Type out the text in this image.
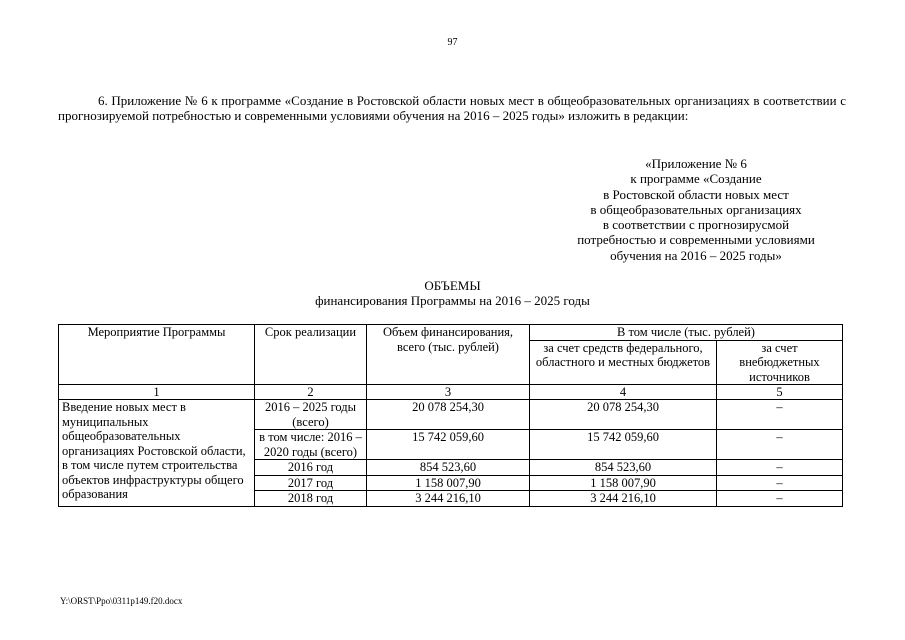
97

6. Приложение № 6 к программе «Создание в Ростовской области новых мест в общеобразовательных организациях в соответствии с прогнозируемой потребностью и современными условиями обучения на 2016 – 2025 годы» изложить в редакции:

«Приложение № 6
к программе «Создание
в Ростовской области новых мест
в общеобразовательных организациях
в соответствии с прогнозирусмой
потребностью и современными условиями
обучения на 2016 – 2025 годы»
ОБЪЕМЫ
финансирования Программы на 2016 – 2025 годы
Мероприятие Программы	Срок реализации	Объем финансирования, всего (тыс. рублей)	В том числе (тыс. рублей)	
			за счет средств федерального, областного и местных бюджетов	за счет внебюджетных источников
1	2	3	4	5
Введение новых мест в муниципальных общеобразовательных организациях Ростовской области, в том числе путем строительства объектов инфраструктуры общего образования	2016 – 2025 годы (всего)	20 078 254,30	20 078 254,30	–
	в том числе: 2016 – 2020 годы (всего)	15 742 059,60	15 742 059,60	–
	2016 год	854 523,60	854 523,60	–
	2017 год	1 158 007,90	1 158 007,90	–
	2018 год	3 244 216,10	3 244 216,10	–
Y:\ORST\Ppo\0311p149.f20.docx
